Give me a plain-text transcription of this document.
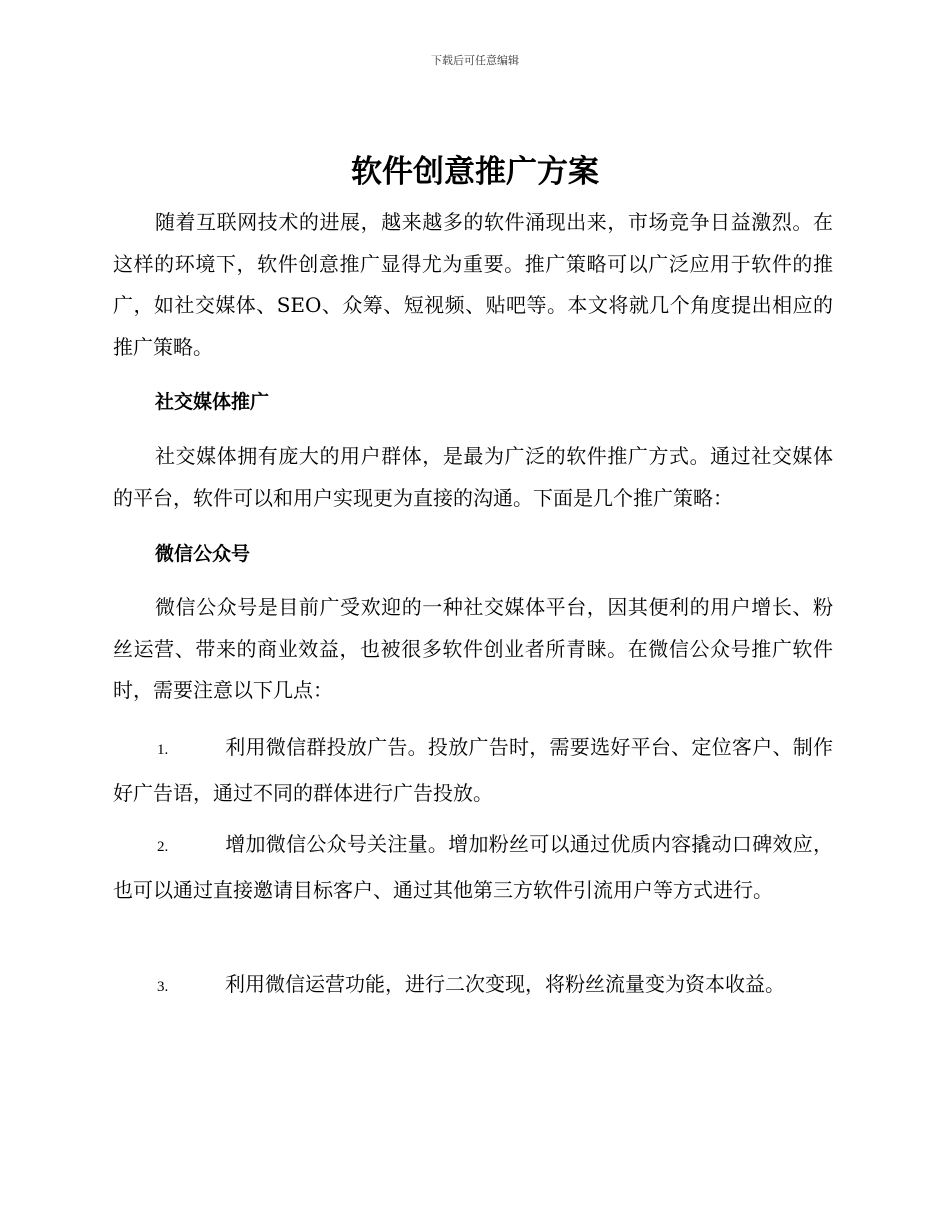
下载后可任意编辑
软件创意推广方案

随着互联网技术的进展，越来越多的软件涌现出来，市场竞争日益激烈。在这样的环境下，软件创意推广显得尤为重要。推广策略可以广泛应用于软件的推广，如社交媒体、SEO、众筹、短视频、贴吧等。本文将就几个角度提出相应的推广策略。

社交媒体推广

社交媒体拥有庞大的用户群体，是最为广泛的软件推广方式。通过社交媒体的平台，软件可以和用户实现更为直接的沟通。下面是几个推广策略：

微信公众号

微信公众号是目前广受欢迎的一种社交媒体平台，因其便利的用户增长、粉丝运营、带来的商业效益，也被很多软件创业者所青睐。在微信公众号推广软件时，需要注意以下几点：

1.	利用微信群投放广告。投放广告时，需要选好平台、定位客户、制作好广告语，通过不同的群体进行广告投放。

2.	增加微信公众号关注量。增加粉丝可以通过优质内容撬动口碑效应，也可以通过直接邀请目标客户、通过其他第三方软件引流用户等方式进行。

3.	利用微信运营功能，进行二次变现，将粉丝流量变为资本收益。
